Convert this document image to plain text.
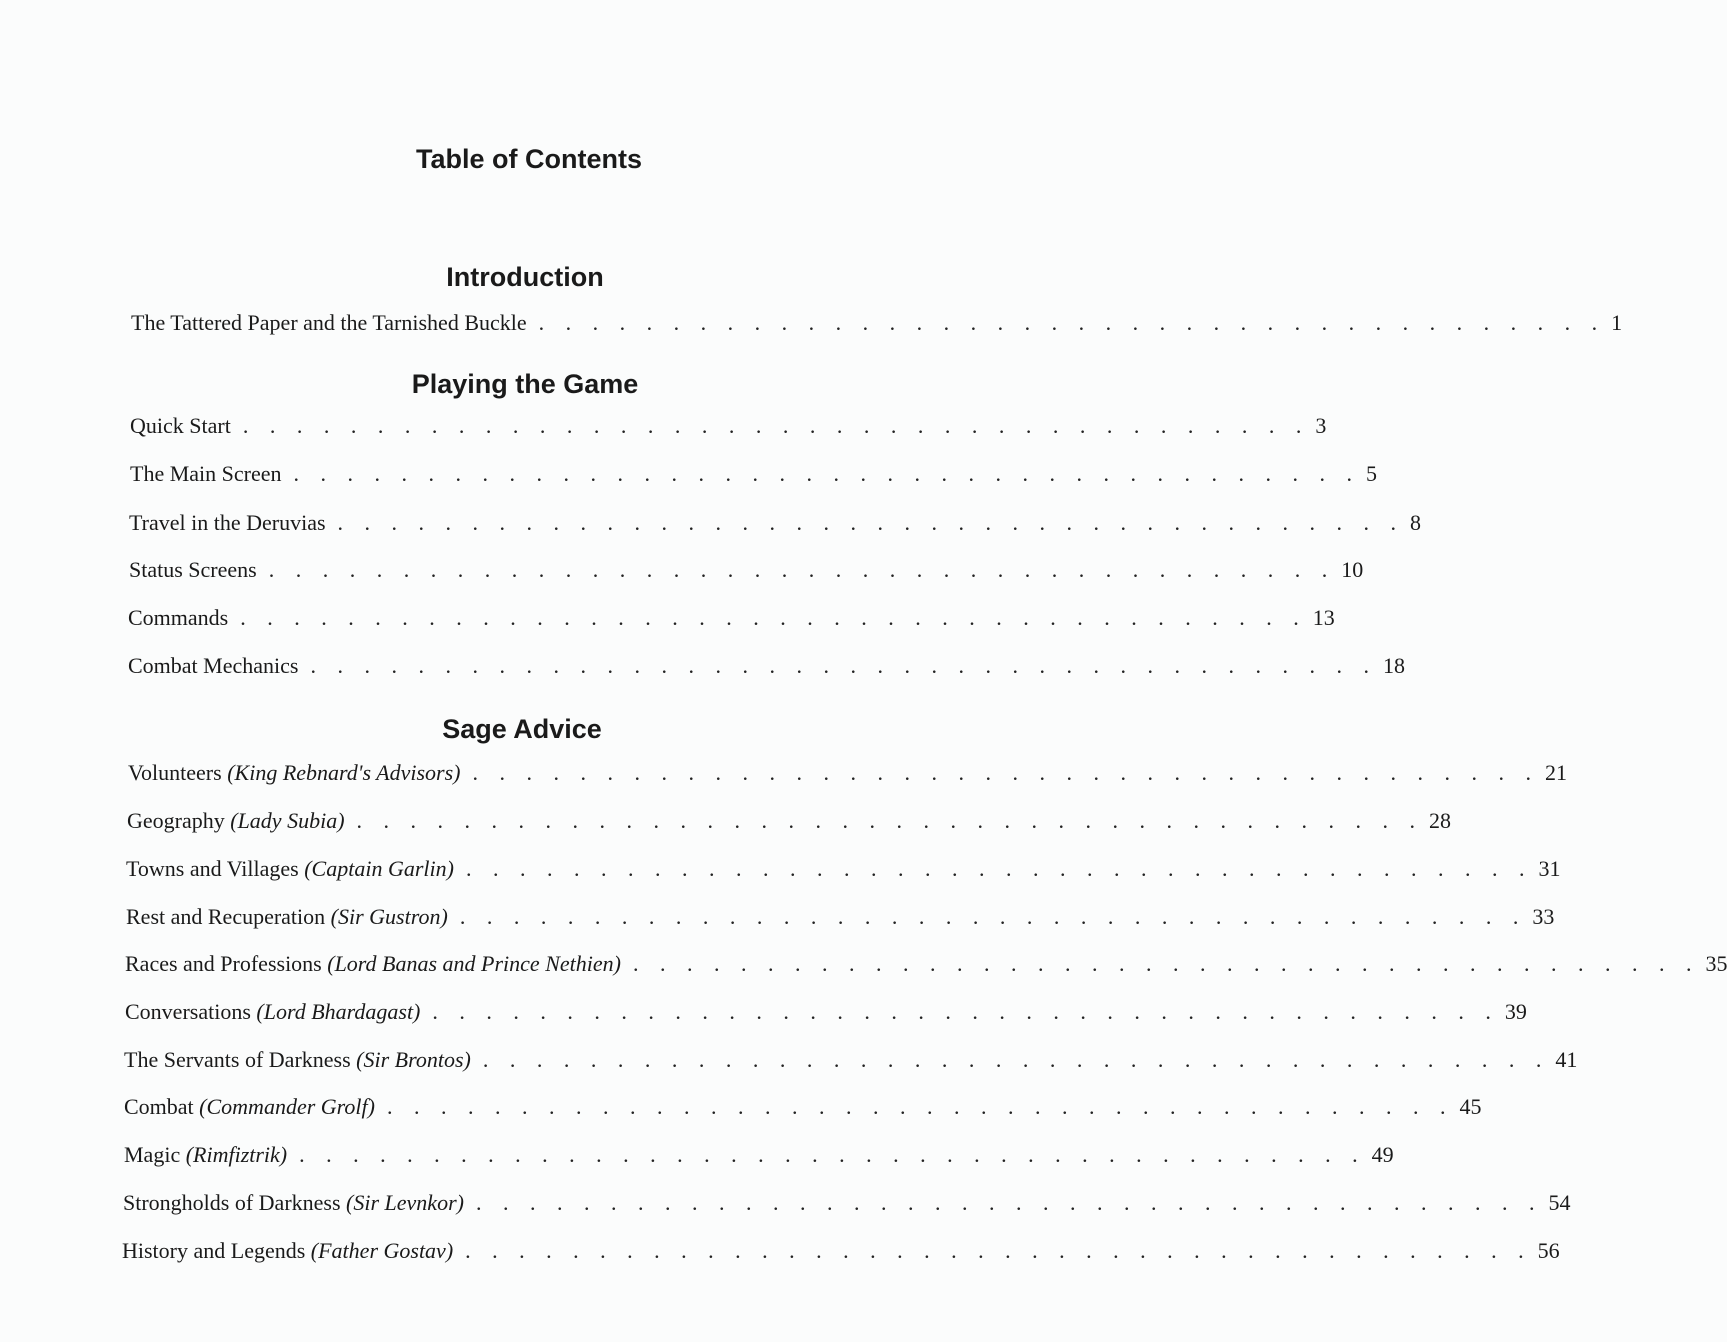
Table of Contents
Introduction
The Tattered Paper and the Tarnished Buckle . . . . . . . . . . . . . . . . . . . . . . . . . . . . . . . . . . . . . . . . 1
Playing the Game
Quick Start . . . . . . . . . . . . . . . . . . . . . . . . . . . . . . . . . . . . . . . . 3
The Main Screen . . . . . . . . . . . . . . . . . . . . . . . . . . . . . . . . . . . . . . . . 5
Travel in the Deruvias . . . . . . . . . . . . . . . . . . . . . . . . . . . . . . . . . . . . . . . . 8
Status Screens . . . . . . . . . . . . . . . . . . . . . . . . . . . . . . . . . . . . . . . . 10
Commands . . . . . . . . . . . . . . . . . . . . . . . . . . . . . . . . . . . . . . . . 13
Combat Mechanics . . . . . . . . . . . . . . . . . . . . . . . . . . . . . . . . . . . . . . . . 18
Sage Advice
Volunteers (King Rebnard's Advisors) . . . . . . . . . . . . . . . . . . . . . . . . . . . . . . . . . . . . . . . . 21
Geography (Lady Subia) . . . . . . . . . . . . . . . . . . . . . . . . . . . . . . . . . . . . . . . . 28
Towns and Villages (Captain Garlin) . . . . . . . . . . . . . . . . . . . . . . . . . . . . . . . . . . . . . . . . 31
Rest and Recuperation (Sir Gustron) . . . . . . . . . . . . . . . . . . . . . . . . . . . . . . . . . . . . . . . . 33
Races and Professions (Lord Banas and Prince Nethien) . . . . . . . . . . . . . . . . . . . . . . . . . . . . . . . . . . . . . . . . 35
Conversations (Lord Bhardagast) . . . . . . . . . . . . . . . . . . . . . . . . . . . . . . . . . . . . . . . . 39
The Servants of Darkness (Sir Brontos) . . . . . . . . . . . . . . . . . . . . . . . . . . . . . . . . . . . . . . . . 41
Combat (Commander Grolf) . . . . . . . . . . . . . . . . . . . . . . . . . . . . . . . . . . . . . . . . 45
Magic (Rimfiztrik) . . . . . . . . . . . . . . . . . . . . . . . . . . . . . . . . . . . . . . . . 49
Strongholds of Darkness (Sir Levnkor) . . . . . . . . . . . . . . . . . . . . . . . . . . . . . . . . . . . . . . . . 54
History and Legends (Father Gostav) . . . . . . . . . . . . . . . . . . . . . . . . . . . . . . . . . . . . . . . . 56
